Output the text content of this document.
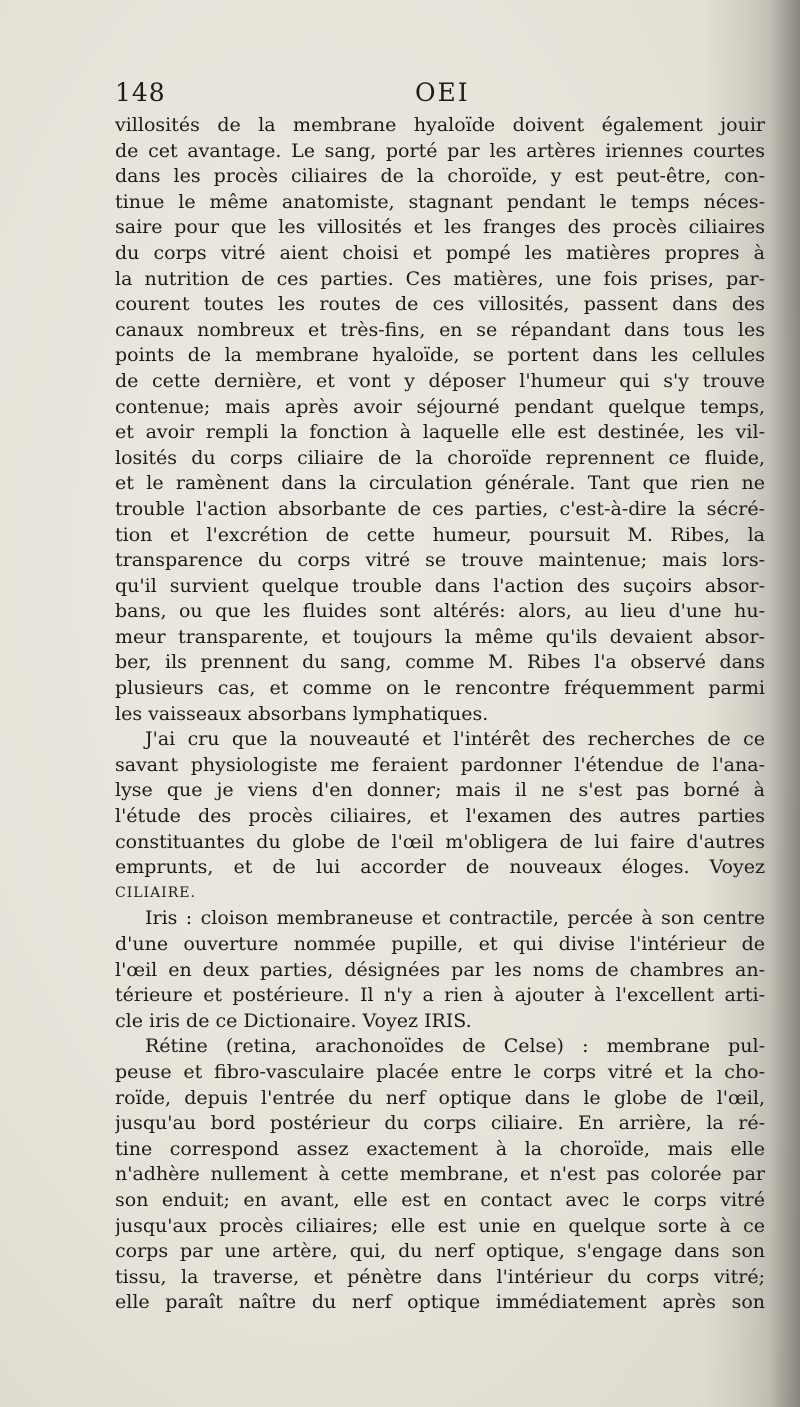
148	OEI
villosités de la membrane hyaloïde doivent également jouir
de cet avantage. Le sang, porté par les artères iriennes courtes
dans les procès ciliaires de la choroïde, y est peut-être, con-
tinue le même anatomiste, stagnant pendant le temps néces-
saire pour que les villosités et les franges des procès ciliaires
du corps vitré aient choisi et pompé les matières propres à
la nutrition de ces parties. Ces matières, une fois prises, par-
courent toutes les routes de ces villosités, passent dans des
canaux nombreux et très-fins, en se répandant dans tous les
points de la membrane hyaloïde, se portent dans les cellules
de cette dernière, et vont y déposer l'humeur qui s'y trouve
contenue; mais après avoir séjourné pendant quelque temps,
et avoir rempli la fonction à laquelle elle est destinée, les vil-
losités du corps ciliaire de la choroïde reprennent ce fluide,
et le ramènent dans la circulation générale. Tant que rien ne
trouble l'action absorbante de ces parties, c'est-à-dire la sécré-
tion et l'excrétion de cette humeur, poursuit M. Ribes, la
transparence du corps vitré se trouve maintenue; mais lors-
qu'il survient quelque trouble dans l'action des suçoirs absor-
bans, ou que les fluides sont altérés: alors, au lieu d'une hu-
meur transparente, et toujours la même qu'ils devaient absor-
ber, ils prennent du sang, comme M. Ribes l'a observé dans
plusieurs cas, et comme on le rencontre fréquemment parmi
les vaisseaux absorbans lymphatiques.
J'ai cru que la nouveauté et l'intérêt des recherches de ce
savant physiologiste me feraient pardonner l'étendue de l'ana-
lyse que je viens d'en donner; mais il ne s'est pas borné à
l'étude des procès ciliaires, et l'examen des autres parties
constituantes du globe de l'œil m'obligera de lui faire d'autres
emprunts, et de lui accorder de nouveaux éloges. Voyez
CILIAIRE.
Iris : cloison membraneuse et contractile, percée à son centre
d'une ouverture nommée pupille, et qui divise l'intérieur de
l'œil en deux parties, désignées par les noms de chambres an-
térieure et postérieure. Il n'y a rien à ajouter à l'excellent arti-
cle iris de ce Dictionaire. Voyez IRIS.
Rétine (retina, arachonoïdes de Celse) : membrane pul-
peuse et fibro-vasculaire placée entre le corps vitré et la cho-
roïde, depuis l'entrée du nerf optique dans le globe de l'œil,
jusqu'au bord postérieur du corps ciliaire. En arrière, la ré-
tine correspond assez exactement à la choroïde, mais elle
n'adhère nullement à cette membrane, et n'est pas colorée par
son enduit; en avant, elle est en contact avec le corps vitré
jusqu'aux procès ciliaires; elle est unie en quelque sorte à ce
corps par une artère, qui, du nerf optique, s'engage dans son
tissu, la traverse, et pénètre dans l'intérieur du corps vitré;
elle paraît naître du nerf optique immédiatement après son
